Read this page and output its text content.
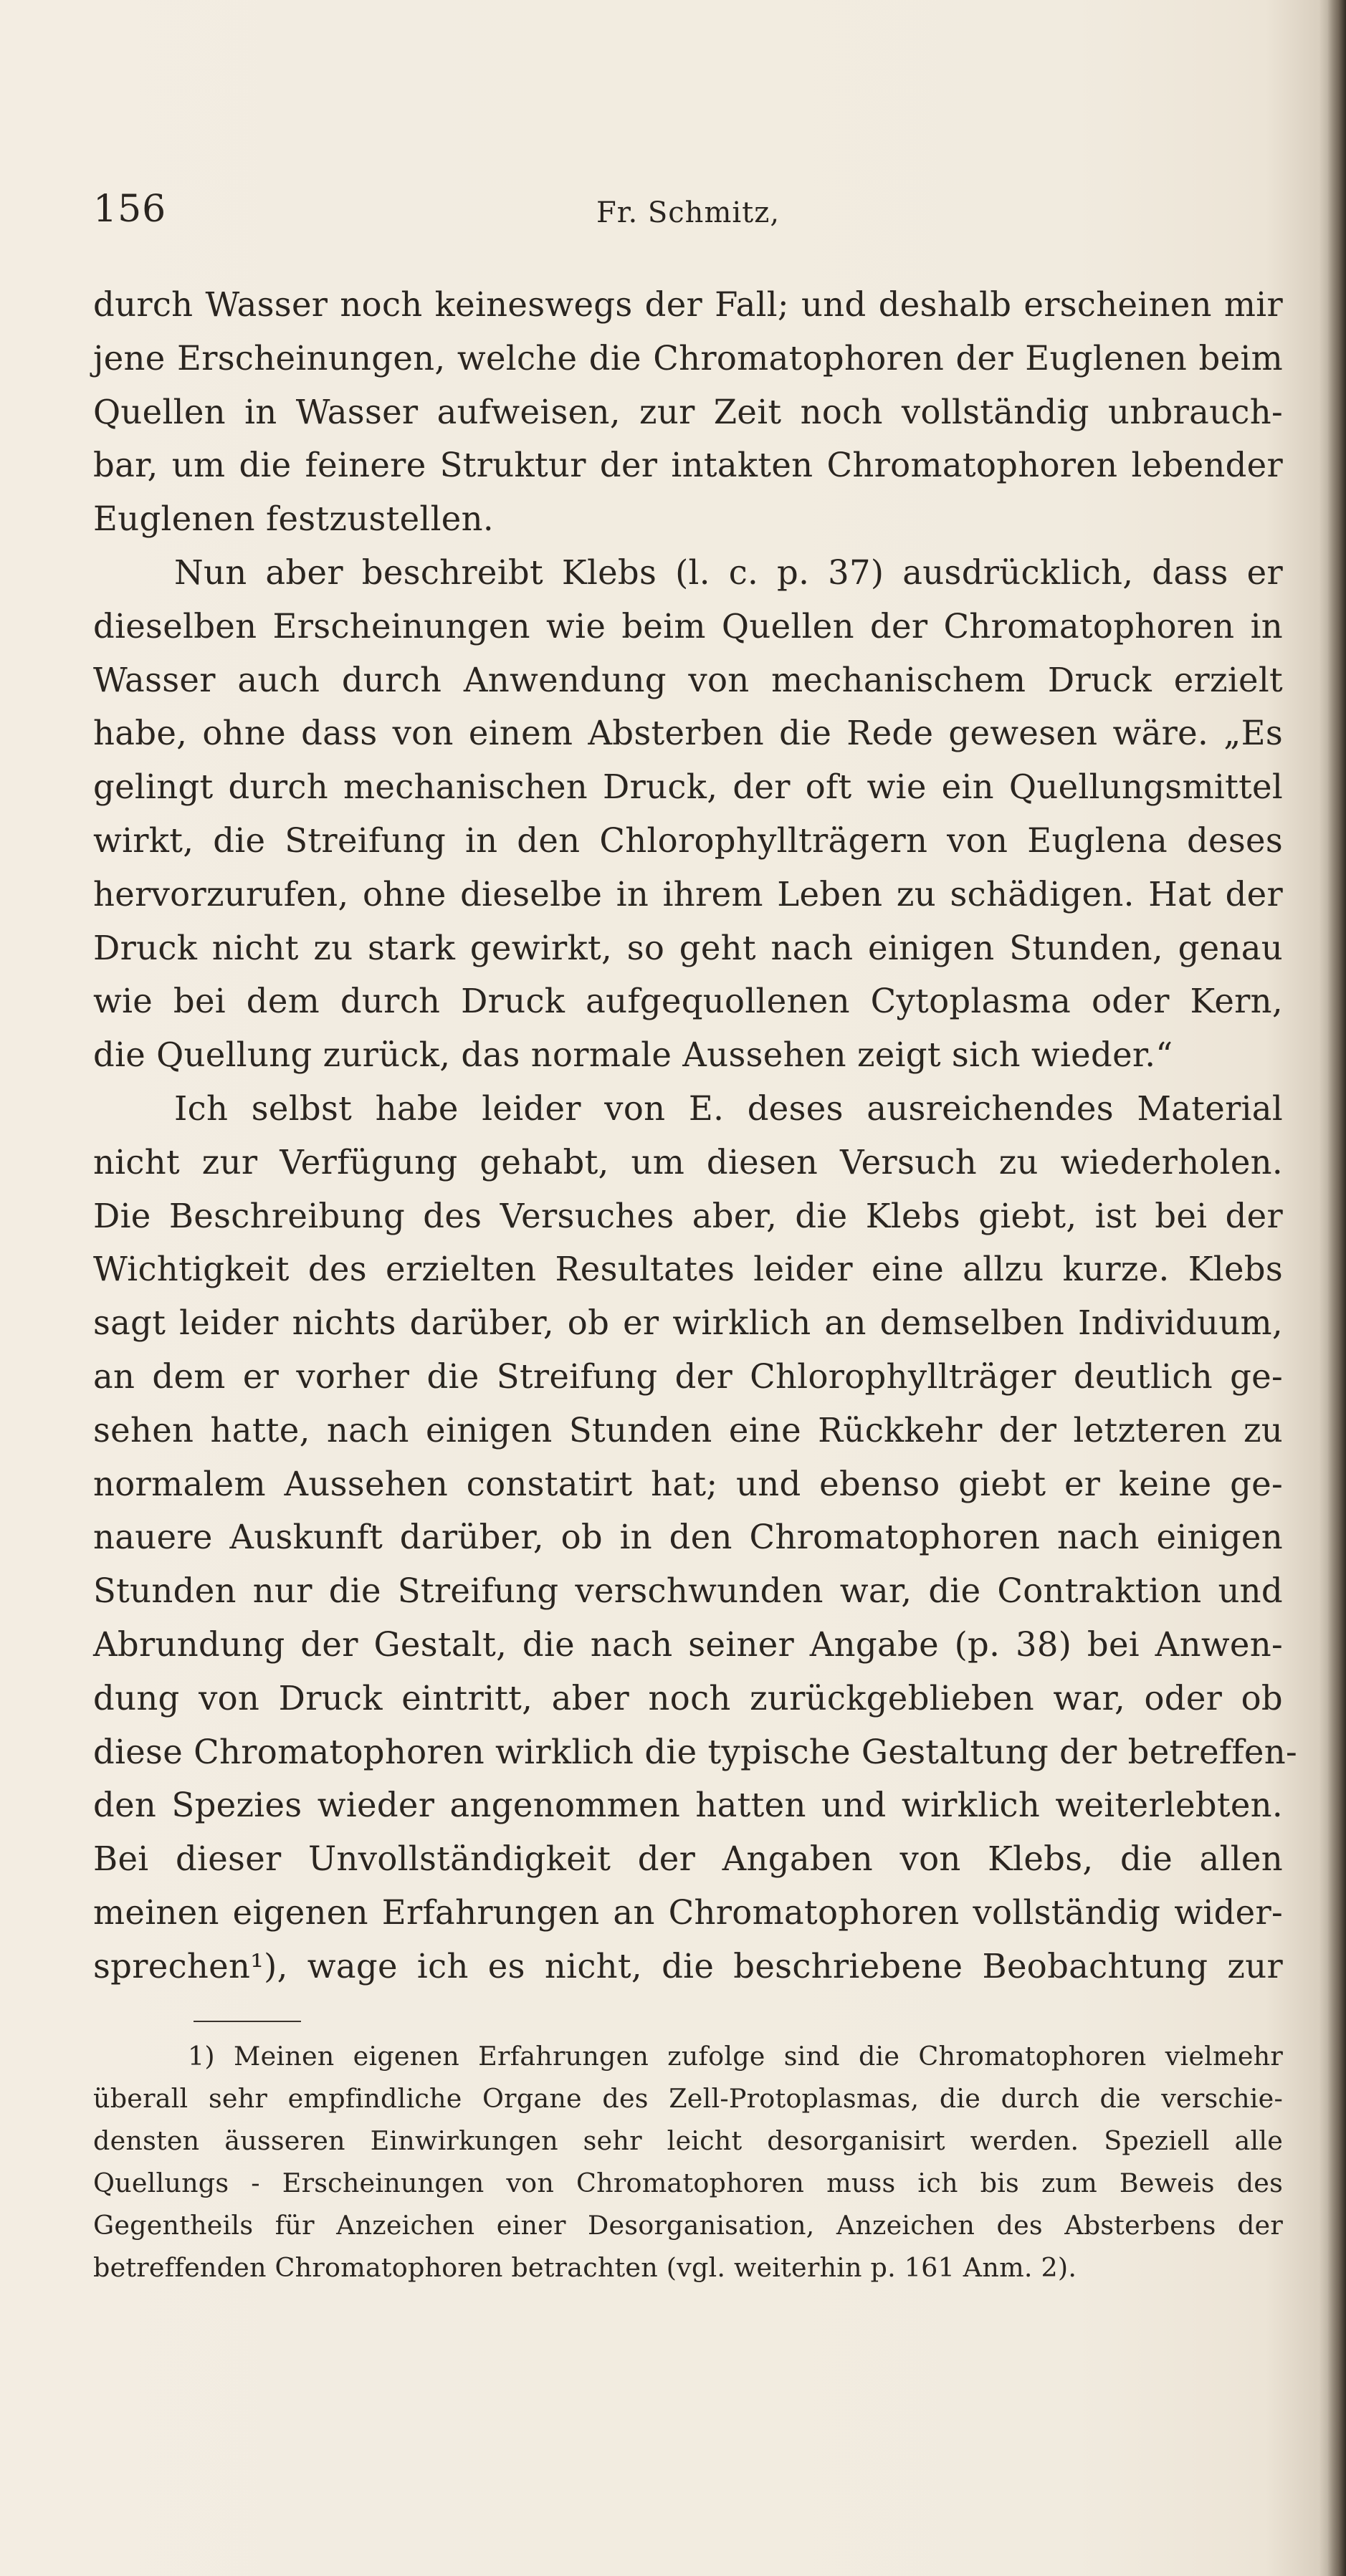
156	Fr. Schmitz,
durch Wasser noch keineswegs der Fall; und deshalb erscheinen mir
jene Erscheinungen, welche die Chromatophoren der Euglenen beim
Quellen in Wasser aufweisen, zur Zeit noch vollständig unbrauch-
bar, um die feinere Struktur der intakten Chromatophoren lebender
Euglenen festzustellen.
Nun aber beschreibt Klebs (l. c. p. 37) ausdrücklich, dass er
dieselben Erscheinungen wie beim Quellen der Chromatophoren in
Wasser auch durch Anwendung von mechanischem Druck erzielt
habe, ohne dass von einem Absterben die Rede gewesen wäre. „Es
gelingt durch mechanischen Druck, der oft wie ein Quellungsmittel
wirkt, die Streifung in den Chlorophyllträgern von Euglena deses
hervorzurufen, ohne dieselbe in ihrem Leben zu schädigen. Hat der
Druck nicht zu stark gewirkt, so geht nach einigen Stunden, genau
wie bei dem durch Druck aufgequollenen Cytoplasma oder Kern,
die Quellung zurück, das normale Aussehen zeigt sich wieder.“
Ich selbst habe leider von E. deses ausreichendes Material
nicht zur Verfügung gehabt, um diesen Versuch zu wiederholen.
Die Beschreibung des Versuches aber, die Klebs giebt, ist bei der
Wichtigkeit des erzielten Resultates leider eine allzu kurze. Klebs
sagt leider nichts darüber, ob er wirklich an demselben Individuum,
an dem er vorher die Streifung der Chlorophyllträger deutlich ge-
sehen hatte, nach einigen Stunden eine Rückkehr der letzteren zu
normalem Aussehen constatirt hat; und ebenso giebt er keine ge-
nauere Auskunft darüber, ob in den Chromatophoren nach einigen
Stunden nur die Streifung verschwunden war, die Contraktion und
Abrundung der Gestalt, die nach seiner Angabe (p. 38) bei Anwen-
dung von Druck eintritt, aber noch zurückgeblieben war, oder ob
diese Chromatophoren wirklich die typische Gestaltung der betreffen-
den Spezies wieder angenommen hatten und wirklich weiterlebten.
Bei dieser Unvollständigkeit der Angaben von Klebs, die allen
meinen eigenen Erfahrungen an Chromatophoren vollständig wider-
sprechen¹), wage ich es nicht, die beschriebene Beobachtung zur
1) Meinen eigenen Erfahrungen zufolge sind die Chromatophoren vielmehr
überall sehr empfindliche Organe des Zell-Protoplasmas, die durch die verschie-
densten äusseren Einwirkungen sehr leicht desorganisirt werden. Speziell alle
Quellungs - Erscheinungen von Chromatophoren muss ich bis zum Beweis des
Gegentheils für Anzeichen einer Desorganisation, Anzeichen des Absterbens der
betreffenden Chromatophoren betrachten (vgl. weiterhin p. 161 Anm. 2).
